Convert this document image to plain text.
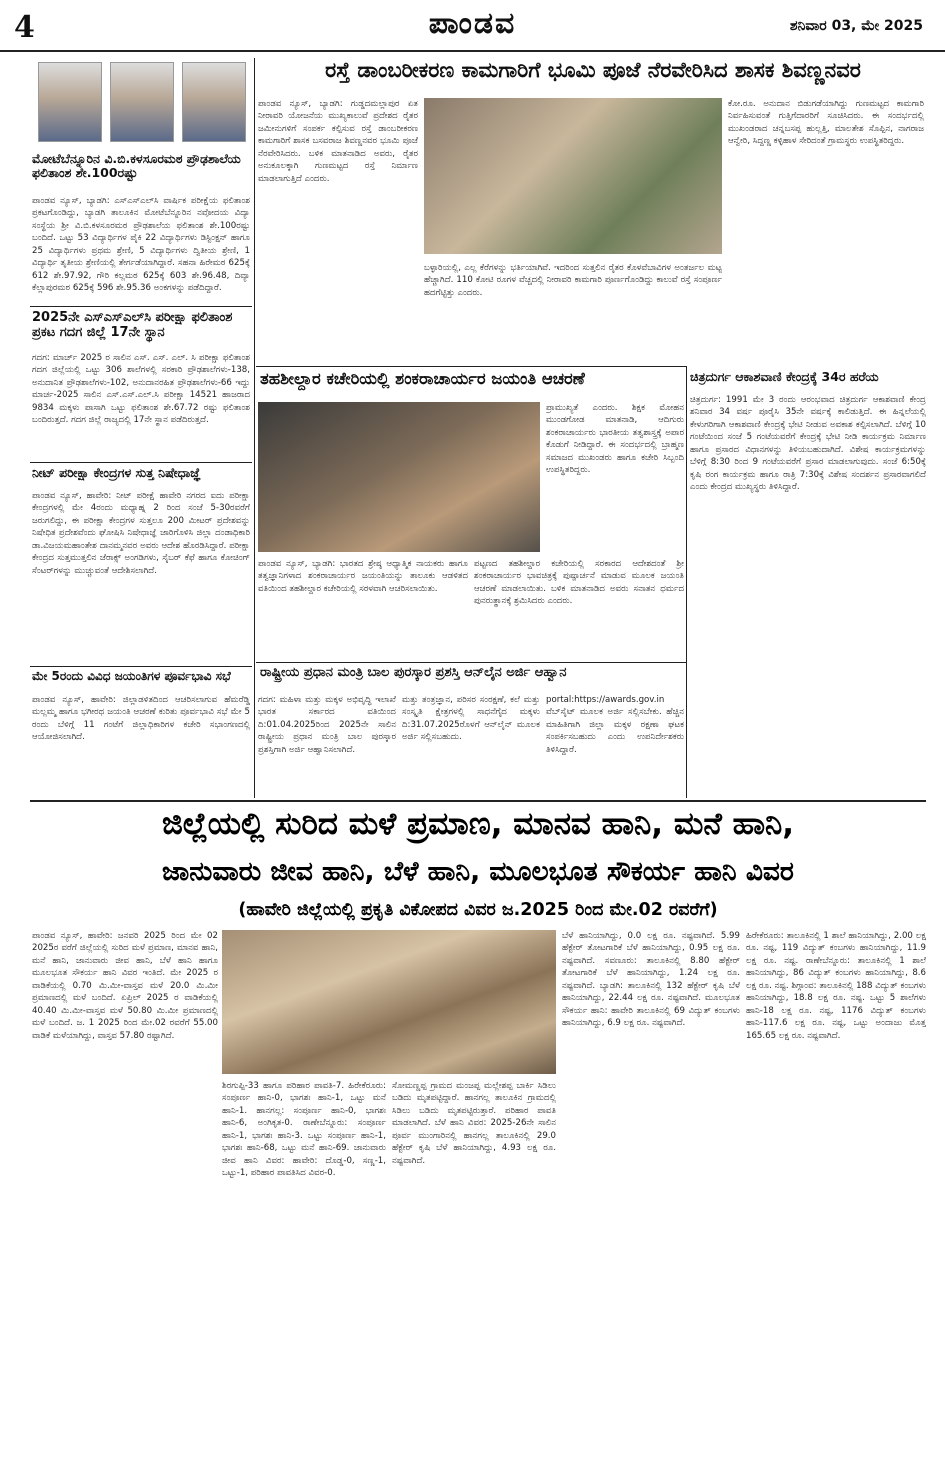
4	ಪಾಂಡವ	ಶನಿವಾರ 03, ಮೇ 2025
ಮೋಟೆಬೆನ್ನೂರಿನ ವಿ.ಬಿ.ಕಳಸೂರಮಠ ಪ್ರೌಢಶಾಲೆಯ ಫಲಿತಾಂಶ ಶೇ.100ರಷ್ಟು
ಪಾಂಡವ ನ್ಯೂಸ್, ಬ್ಯಾಡಗಿ: ಎಸ್ಎಸ್ಎಲ್‌ಸಿ ವಾರ್ಷಿಕ ಪರೀಕ್ಷೆಯ ಫಲಿತಾಂಶ ಪ್ರಕಟಗೊಂಡಿದ್ದು, ಬ್ಯಾಡಗಿ ತಾಲೂಕಿನ ಮೋಟೆಬೆನ್ನೂರಿನ ನವೋದಯ ವಿದ್ಯಾ ಸಂಸ್ಥೆಯ ಶ್ರೀ ವಿ.ಬಿ.ಕಳಸೂರಮಠ ಪ್ರೌಢಶಾಲೆಯ ಫಲಿತಾಂಶ ಶೇ.100ರಷ್ಟು ಬಂದಿದೆ. ಒಟ್ಟು 53 ವಿದ್ಯಾರ್ಥಿಗಳ ಪೈಕಿ 22 ವಿದ್ಯಾರ್ಥಿಗಳು ಡಿಸ್ಟಿಂಕ್ಷನ್ ಹಾಗೂ 25 ವಿದ್ಯಾರ್ಥಿಗಳು ಪ್ರಥಮ ಶ್ರೇಣಿ, 5 ವಿದ್ಯಾರ್ಥಿಗಳು ದ್ವಿತೀಯ ಶ್ರೇಣಿ, 1 ವಿದ್ಯಾರ್ಥಿ ತೃತೀಯ ಶ್ರೇಣಿಯಲ್ಲಿ ತೇರ್ಗಡೆಯಾಗಿದ್ದಾರೆ. ಸಹನಾ ಹಿರೇಮಠ 625ಕ್ಕೆ 612 ಶೇ.97.92, ಗೌರಿ ಕಲ್ಲಮಠ 625ಕ್ಕೆ 603 ಶೇ.96.48, ದಿವ್ಯಾ ಕೆಲ್ಲಾಪುರಮಠ 625ಕ್ಕೆ 596 ಶೇ.95.36 ಅಂಕಗಳನ್ನು ಪಡೆದಿದ್ದಾರೆ.
2025ನೇ ಎಸ್‌ಎಸ್‌ಎಲ್‌ಸಿ ಪರೀಕ್ಷಾ ಫಲಿತಾಂಶ ಪ್ರಕಟ ಗದಗ ಜಿಲ್ಲೆ 17ನೇ ಸ್ಥಾನ
ಗದಗ: ಮಾರ್ಚ್ 2025 ರ ಸಾಲಿನ ಎಸ್. ಎಸ್. ಎಲ್. ಸಿ ಪರೀಕ್ಷಾ ಫಲಿತಾಂಶ ಗದಗ ಜಿಲ್ಲೆಯಲ್ಲಿ ಒಟ್ಟು 306 ಶಾಲೆಗಳಲ್ಲಿ ಸರಕಾರಿ ಪ್ರೌಢಶಾಲೆಗಳು-138, ಅನುದಾನಿತ ಪ್ರೌಢಶಾಲೆಗಳು-102, ಅನುದಾನರಹಿತ ಪ್ರೌಢಶಾಲೆಗಳು-66 ಇದ್ದು ಮಾರ್ಚ-2025 ಸಾಲಿನ ಎಸ್.ಎಸ್.ಎಲ್.ಸಿ ಪರೀಕ್ಷಾ 14521 ಹಾಜರಾದ 9834 ಮಕ್ಕಳು ಪಾಸಾಗಿ ಒಟ್ಟು ಫಲಿತಾಂಶ ಶೇ.67.72 ರಷ್ಟು ಫಲಿತಾಂಶ ಬಂದಿರುತ್ತದೆ. ಗದಗ ಜಿಲ್ಲೆ ರಾಜ್ಯದಲ್ಲಿ 17ನೇ ಸ್ಥಾನ ಪಡೆದಿರುತ್ತದೆ.
ನೀಟ್ ಪರೀಕ್ಷಾ ಕೇಂದ್ರಗಳ ಸುತ್ತ ನಿಷೇಧಾಜ್ಞೆ
ಪಾಂಡವ ನ್ಯೂಸ್, ಹಾವೇರಿ: ನೀಟ್ ಪರೀಕ್ಷೆ ಹಾವೇರಿ ನಗರದ ಐದು ಪರೀಕ್ಷಾ ಕೇಂದ್ರಗಳಲ್ಲಿ ಮೇ 4ರಂದು ಮಧ್ಯಾಹ್ನ 2 ರಿಂದ ಸಂಜೆ 5-30ರವರೆಗೆ ಜರುಗಲಿದ್ದು, ಈ ಪರೀಕ್ಷಾ ಕೇಂದ್ರಗಳ ಸುತ್ತಲೂ 200 ಮೀಟರ್ ಪ್ರದೇಶವನ್ನು ನಿಷೇಧಿತ ಪ್ರದೇಶವೆಂದು ಘೋಷಿಸಿ ನಿಷೇಧಾಜ್ಞೆ ಜಾರಿಗೊಳಿಸಿ ಜಿಲ್ಲಾ ದಂಡಾಧಿಕಾರಿ ಡಾ.ವಿಜಯಮಹಾಂತೇಶ ದಾನಮ್ಮನವರ ಅವರು ಆದೇಶ ಹೊರಡಿಸಿದ್ದಾರೆ. ಪರೀಕ್ಷಾ ಕೇಂದ್ರದ ಸುತ್ತಮುತ್ತಲಿನ ಜೆರಾಕ್ಸ್ ಅಂಗಡಿಗಳು, ಸೈಬರ್ ಕೆಫೆ ಹಾಗೂ ಕೋಚಿಂಗ್ ಸೆಂಟರ್‌ಗಳನ್ನು ಮುಚ್ಚುವಂತೆ ಆದೇಶಿಸಲಾಗಿದೆ.
ಮೇ 5ರಂದು ವಿವಿಧ ಜಯಂತಿಗಳ ಪೂರ್ವಭಾವಿ ಸಭೆ
ಪಾಂಡವ ನ್ಯೂಸ್, ಹಾವೇರಿ: ಜಿಲ್ಲಾಡಳಿತದಿಂದ ಆಚರಿಸಲಾಗುವ ಹೆಮರೆಡ್ಡಿ ಮಲ್ಲಮ್ಮ ಹಾಗೂ ಭಗೀರಥ ಜಯಂತಿ ಆಚರಣೆ ಕುರಿತು ಪೂರ್ವಭಾವಿ ಸಭೆ ಮೇ 5 ರಂದು ಬೆಳಿಗ್ಗೆ 11 ಗಂಟೆಗೆ ಜಿಲ್ಲಾಧಿಕಾರಿಗಳ ಕಚೇರಿ ಸಭಾಂಗಣದಲ್ಲಿ ಆಯೋಜಿಸಲಾಗಿದೆ.
ರಸ್ತೆ ಡಾಂಬರೀಕರಣ ಕಾಮಗಾರಿಗೆ ಭೂಮಿ ಪೂಜೆ ನೆರವೇರಿಸಿದ ಶಾಸಕ ಶಿವಣ್ಣನವರ
ಪಾಂಡವ ನ್ಯೂಸ್, ಬ್ಯಾಡಗಿ: ಗುಡ್ಡದಮಲ್ಲಾಪುರ ಏತ ನೀರಾವರಿ ಯೋಜನೆಯ ಮುಖ್ಯಕಾಲುವೆ ಪ್ರದೇಶದ ರೈತರ ಜಮೀನುಗಳಿಗೆ ಸಂಪರ್ಕ ಕಲ್ಪಿಸುವ ರಸ್ತೆ ಡಾಂಬರೀಕರಣ ಕಾಮಗಾರಿಗೆ ಶಾಸಕ ಬಸವರಾಜ ಶಿವಣ್ಣನವರ ಭೂಮಿ ಪೂಜೆ ನೆರವೇರಿಸಿದರು. ಬಳಿಕ ಮಾತನಾಡಿದ ಅವರು, ರೈತರ ಅನುಕೂಲಕ್ಕಾಗಿ ಗುಣಮಟ್ಟದ ರಸ್ತೆ ನಿರ್ಮಾಣ ಮಾಡಲಾಗುತ್ತಿದೆ ಎಂದರು.
ಬಳ್ಳಾರಿಯಲ್ಲಿ, ಎಲ್ಲ ಕೆರೆಗಳನ್ನು ಭರ್ತಿಯಾಗಿವೆ. ಇದರಿಂದ ಸುತ್ತಲಿನ ರೈತರ ಕೊಳವೆಬಾವಿಗಳ ಅಂತರ್ಜಲ ಮಟ್ಟ ಹೆಚ್ಚಾಗಿದೆ. 110 ಕೋಟಿ ರೂಗಳ ವೆಚ್ಚದಲ್ಲಿ ನೀರಾವರಿ ಕಾಮಗಾರಿ ಪೂರ್ಣಗೊಂಡಿದ್ದು ಕಾಲುವೆ ರಸ್ತೆ ಸಂಪೂರ್ಣ ಹದಗೆಟ್ಟಿತ್ತು ಎಂದರು.
ಕೋ.ರೂ. ಅನುದಾನ ಬಿಡುಗಡೆಯಾಗಿದ್ದು ಗುಣಮಟ್ಟದ ಕಾಮಗಾರಿ ನಿರ್ವಹಿಸುವಂತೆ ಗುತ್ತಿಗೆದಾರರಿಗೆ ಸೂಚಿಸಿದರು. ಈ ಸಂದರ್ಭದಲ್ಲಿ ಮುಖಂಡರಾದ ಚನ್ನಬಸಪ್ಪ ಹುಲ್ಲತ್ತಿ, ಮಾಲತೇಶ ಸೊಪ್ಪಿನ, ನಾಗರಾಜ ಆನ್ವೇರಿ, ಸಿದ್ದಣ್ಣ ಕಳ್ಳಿಹಾಳ ಸೇರಿದಂತೆ ಗ್ರಾಮಸ್ಥರು ಉಪಸ್ಥಿತರಿದ್ದರು.
ತಹಶೀಲ್ದಾರ ಕಚೇರಿಯಲ್ಲಿ ಶಂಕರಾಚಾರ್ಯರ ಜಯಂತಿ ಆಚರಣೆ
ಪ್ರಾಮುಖ್ಯತೆ ಎಂದರು. ಶಿಕ್ಷಕ ಮೋಹನ ಮುಂಡಗೋಡ ಮಾತನಾಡಿ, ಆದಿಗುರು ಶಂಕರಾಚಾರ್ಯರು ಭಾರತೀಯ ತತ್ವಶಾಸ್ತ್ರಕ್ಕೆ ಅಪಾರ ಕೊಡುಗೆ ನೀಡಿದ್ದಾರೆ. ಈ ಸಂದರ್ಭದಲ್ಲಿ ಬ್ರಾಹ್ಮಣ ಸಮಾಜದ ಮುಖಂಡರು ಹಾಗೂ ಕಚೇರಿ ಸಿಬ್ಬಂದಿ ಉಪಸ್ಥಿತರಿದ್ದರು.
ಪಾಂಡವ ನ್ಯೂಸ್, ಬ್ಯಾಡಗಿ: ಭಾರತದ ಶ್ರೇಷ್ಠ ಆಧ್ಯಾತ್ಮಿಕ ನಾಯಕರು ಹಾಗೂ ತತ್ವಜ್ಞಾನಿಗಳಾದ ಶಂಕರಾಚಾರ್ಯರ ಜಯಂತಿಯನ್ನು ತಾಲೂಕು ಆಡಳಿತದ ವತಿಯಿಂದ ತಹಶೀಲ್ದಾರ ಕಚೇರಿಯಲ್ಲಿ ಸರಳವಾಗಿ ಆಚರಿಸಲಾಯಿತು.
ಪಟ್ಟಣದ ತಹಶೀಲ್ದಾರ ಕಚೇರಿಯಲ್ಲಿ ಸರಕಾರದ ಆದೇಶದಂತೆ ಶ್ರೀ ಶಂಕರಾಚಾರ್ಯರ ಭಾವಚಿತ್ರಕ್ಕೆ ಪುಷ್ಪಾರ್ಚನೆ ಮಾಡುವ ಮೂಲಕ ಜಯಂತಿ ಆಚರಣೆ ಮಾಡಲಾಯಿತು. ಬಳಿಕ ಮಾತನಾಡಿದ ಅವರು ಸನಾತನ ಧರ್ಮದ ಪುನರುತ್ಥಾನಕ್ಕೆ ಶ್ರಮಿಸಿದರು ಎಂದರು.
ಚಿತ್ರದುರ್ಗ ಆಕಾಶವಾಣಿ ಕೇಂದ್ರಕ್ಕೆ 34ರ ಹರೆಯ
ಚಿತ್ರದುರ್ಗ: 1991 ಮೇ 3 ರಂದು ಆರಂಭವಾದ ಚಿತ್ರದುರ್ಗ ಆಕಾಶವಾಣಿ ಕೇಂದ್ರ ಶನಿವಾರ 34 ವರ್ಷ ಪೂರೈಸಿ 35ನೇ ವರ್ಷಕ್ಕೆ ಕಾಲಿಡುತ್ತಿದೆ. ಈ ಹಿನ್ನಲೆಯಲ್ಲಿ ಕೇಳುಗರಿಗಾಗಿ ಆಕಾಶವಾಣಿ ಕೇಂದ್ರಕ್ಕೆ ಭೇಟಿ ನೀಡುವ ಅವಕಾಶ ಕಲ್ಪಿಸಲಾಗಿದೆ. ಬೆಳಿಗ್ಗೆ 10 ಗಂಟೆಯಿಂದ ಸಂಜೆ 5 ಗಂಟೆಯವರೆಗೆ ಕೇಂದ್ರಕ್ಕೆ ಭೇಟಿ ನೀಡಿ ಕಾರ್ಯಕ್ರಮ ನಿರ್ಮಾಣ ಹಾಗೂ ಪ್ರಸಾರದ ವಿಧಾನಗಳನ್ನು ತಿಳಿಯಬಹುದಾಗಿದೆ. ವಿಶೇಷ ಕಾರ್ಯಕ್ರಮಗಳನ್ನು ಬೆಳಿಗ್ಗೆ 8:30 ರಿಂದ 9 ಗಂಟೆಯವರೆಗೆ ಪ್ರಸಾರ ಮಾಡಲಾಗುವುದು. ಸಂಜೆ 6:50ಕ್ಕೆ ಕೃಷಿ ರಂಗ ಕಾರ್ಯಕ್ರಮ ಹಾಗೂ ರಾತ್ರಿ 7:30ಕ್ಕೆ ವಿಶೇಷ ಸಂದರ್ಶನ ಪ್ರಸಾರವಾಗಲಿದೆ ಎಂದು ಕೇಂದ್ರದ ಮುಖ್ಯಸ್ಥರು ತಿಳಿಸಿದ್ದಾರೆ.
ರಾಷ್ಟ್ರೀಯ ಪ್ರಧಾನ ಮಂತ್ರಿ ಬಾಲ ಪುರಸ್ಕಾರ ಪ್ರಶಸ್ತಿ ಆನ್‌ಲೈನ ಅರ್ಜಿ ಆಹ್ವಾನ
ಗದಗ: ಮಹಿಳಾ ಮತ್ತು ಮಕ್ಕಳ ಅಭಿವೃದ್ಧಿ ಇಲಾಖೆ ಭಾರತ ಸರ್ಕಾರದ ವತಿಯಿಂದ ದಿ:01.04.2025ರಿಂದ 2025ನೇ ಸಾಲಿನ ರಾಷ್ಟ್ರೀಯ ಪ್ರಧಾನ ಮಂತ್ರಿ ಬಾಲ ಪುರಸ್ಕಾರ ಪ್ರಶಸ್ತಿಗಾಗಿ ಅರ್ಜಿ ಆಹ್ವಾನಿಸಲಾಗಿದೆ.
ಮತ್ತು ತಂತ್ರಜ್ಞಾನ, ಪರಿಸರ ಸಂರಕ್ಷಣೆ, ಕಲೆ ಮತ್ತು ಸಂಸ್ಕೃತಿ ಕ್ಷೇತ್ರಗಳಲ್ಲಿ ಸಾಧನೆಗೈದ ಮಕ್ಕಳು ದಿ:31.07.2025ರೊಳಗೆ ಆನ್‌ಲೈನ್ ಮೂಲಕ ಅರ್ಜಿ ಸಲ್ಲಿಸಬಹುದು.
portal:https://awards.gov.in ವೆಬ್‌ಸೈಟ್ ಮೂಲಕ ಅರ್ಜಿ ಸಲ್ಲಿಸಬೇಕು. ಹೆಚ್ಚಿನ ಮಾಹಿತಿಗಾಗಿ ಜಿಲ್ಲಾ ಮಕ್ಕಳ ರಕ್ಷಣಾ ಘಟಕ ಸಂಪರ್ಕಿಸಬಹುದು ಎಂದು ಉಪನಿರ್ದೇಶಕರು ತಿಳಿಸಿದ್ದಾರೆ.
ಜಿಲ್ಲೆಯಲ್ಲಿ ಸುರಿದ ಮಳೆ ಪ್ರಮಾಣ, ಮಾನವ ಹಾನಿ, ಮನೆ ಹಾನಿ,
ಜಾನುವಾರು ಜೀವ ಹಾನಿ, ಬೆಳೆ ಹಾನಿ, ಮೂಲಭೂತ ಸೌಕರ್ಯ ಹಾನಿ ವಿವರ
(ಹಾವೇರಿ ಜಿಲ್ಲೆಯಲ್ಲಿ ಪ್ರಕೃತಿ ವಿಕೋಪದ ವಿವರ ಜ.2025 ರಿಂದ ಮೇ.02 ರವರೆಗೆ)
ಪಾಂಡವ ನ್ಯೂಸ್, ಹಾವೇರಿ: ಜನವರಿ 2025 ರಿಂದ ಮೇ 02 2025ರ ವರೆಗೆ ಜಿಲ್ಲೆಯಲ್ಲಿ ಸುರಿದ ಮಳೆ ಪ್ರಮಾಣ, ಮಾನವ ಹಾನಿ, ಮನೆ ಹಾನಿ, ಜಾನುವಾರು ಜೀವ ಹಾನಿ, ಬೆಳೆ ಹಾನಿ ಹಾಗೂ ಮೂಲಭೂತ ಸೌಕರ್ಯ ಹಾನಿ ವಿವರ ಇಂತಿದೆ. ಮೇ 2025 ರ ವಾಡಿಕೆಯಲ್ಲಿ 0.70 ಮಿ.ಮೀ-ವಾಸ್ತವ ಮಳೆ 20.0 ಮಿ.ಮೀ ಪ್ರಮಾಣದಲ್ಲಿ ಮಳೆ ಬಂದಿದೆ. ಏಪ್ರಿಲ್ 2025 ರ ವಾಡಿಕೆಯಲ್ಲಿ 40.40 ಮಿ.ಮೀ-ವಾಸ್ತವ ಮಳೆ 50.80 ಮಿ.ಮೀ ಪ್ರಮಾಣದಲ್ಲಿ ಮಳೆ ಬಂದಿದೆ. ಜ. 1 2025 ರಿಂದ ಮೇ.02 ರವರೆಗೆ 55.00 ವಾಡಿಕೆ ಮಳೆಯಾಗಿದ್ದು, ವಾಸ್ತವ 57.80 ರಷ್ಟಾಗಿದೆ.
ಶಿರಗುಪ್ಪಿ-33 ಹಾಗೂ ಪರಿಹಾರ ಪಾವತಿ-7. ಹಿರೇಕೆರೂರು: ಸಂಪೂರ್ಣ ಹಾನಿ-0, ಭಾಗಶಃ ಹಾನಿ-1, ಒಟ್ಟು ಮನೆ ಹಾನಿ-1. ಹಾನಗಲ್ಲ: ಸಂಪೂರ್ಣ ಹಾನಿ-0, ಭಾಗಶಃ ಹಾನಿ-6, ಅಂಗಿಕೃತ-0. ರಾಣೇಬೆನ್ನೂರು: ಸಂಪೂರ್ಣ ಹಾನಿ-1, ಭಾಗಶಃ ಹಾನಿ-3. ಒಟ್ಟು ಸಂಪೂರ್ಣ ಹಾನಿ-1, ಭಾಗಶಃ ಹಾನಿ-68, ಒಟ್ಟು ಮನೆ ಹಾನಿ-69. ಜಾನುವಾರು ಜೀವ ಹಾನಿ ವಿವರ: ಹಾವೇರಿ: ದೊಡ್ಡ-0, ಸಣ್ಣ-1, ಒಟ್ಟು-1, ಪರಿಹಾರ ಪಾವತಿಸಿದ ವಿವರ-0.
ಸೋಮಣ್ಣಪ್ಪ ಗ್ರಾಮದ ಮಂಜಪ್ಪ ಮಲ್ಲೇಶಪ್ಪ ಬಾರ್ಕಿ ಸಿಡಿಲು ಬಡಿದು ಮೃತಪಟ್ಟಿದ್ದಾರೆ. ಹಾನಗಲ್ಲ ತಾಲೂಕಿನ ಗ್ರಾಮದಲ್ಲಿ ಸಿಡಿಲು ಬಡಿದು ಮೃತಪಟ್ಟಿರುತ್ತಾರೆ. ಪರಿಹಾರ ಪಾವತಿ ಮಾಡಲಾಗಿದೆ. ಬೆಳೆ ಹಾನಿ ವಿವರ: 2025-26ನೇ ಸಾಲಿನ ಪೂರ್ವ ಮುಂಗಾರಿನಲ್ಲಿ ಹಾನಗಲ್ಲ ತಾಲೂಕಿನಲ್ಲಿ 29.0 ಹೆಕ್ಟೇರ್ ಕೃಷಿ ಬೆಳೆ ಹಾನಿಯಾಗಿದ್ದು, 4.93 ಲಕ್ಷ ರೂ. ನಷ್ಟವಾಗಿದೆ.
ಬೆಳೆ ಹಾನಿಯಾಗಿದ್ದು, 0.0 ಲಕ್ಷ ರೂ. ನಷ್ಟವಾಗಿದೆ. 5.99 ಹೆಕ್ಟೇರ್ ತೋಟಗಾರಿಕೆ ಬೆಳೆ ಹಾನಿಯಾಗಿದ್ದು, 0.95 ಲಕ್ಷ ರೂ. ನಷ್ಟವಾಗಿದೆ. ಸವಣೂರು: ತಾಲೂಕಿನಲ್ಲಿ 8.80 ಹೆಕ್ಟೇರ್ ತೋಟಗಾರಿಕೆ ಬೆಳೆ ಹಾನಿಯಾಗಿದ್ದು, 1.24 ಲಕ್ಷ ರೂ. ನಷ್ಟವಾಗಿದೆ. ಬ್ಯಾಡಗಿ: ತಾಲೂಕಿನಲ್ಲಿ 132 ಹೆಕ್ಟೇರ್ ಕೃಷಿ ಬೆಳೆ ಹಾನಿಯಾಗಿದ್ದು, 22.44 ಲಕ್ಷ ರೂ. ನಷ್ಟವಾಗಿದೆ. ಮೂಲಭೂತ ಸೌಕರ್ಯ ಹಾನಿ: ಹಾವೇರಿ ತಾಲೂಕಿನಲ್ಲಿ 69 ವಿದ್ಯುತ್ ಕಂಬಗಳು ಹಾನಿಯಾಗಿದ್ದು, 6.9 ಲಕ್ಷ ರೂ. ನಷ್ಟವಾಗಿದೆ.
ಹಿರೇಕೆರೂರು: ತಾಲೂಕಿನಲ್ಲಿ 1 ಶಾಲೆ ಹಾನಿಯಾಗಿದ್ದು, 2.00 ಲಕ್ಷ ರೂ. ನಷ್ಟ, 119 ವಿದ್ಯುತ್ ಕಂಬಗಳು ಹಾನಿಯಾಗಿದ್ದು, 11.9 ಲಕ್ಷ ರೂ. ನಷ್ಟ. ರಾಣೇಬೆನ್ನೂರು: ತಾಲೂಕಿನಲ್ಲಿ 1 ಶಾಲೆ ಹಾನಿಯಾಗಿದ್ದು, 86 ವಿದ್ಯುತ್ ಕಂಬಗಳು ಹಾನಿಯಾಗಿದ್ದು, 8.6 ಲಕ್ಷ ರೂ. ನಷ್ಟ. ಶಿಗ್ಗಾಂವ: ತಾಲೂಕಿನಲ್ಲಿ 188 ವಿದ್ಯುತ್ ಕಂಬಗಳು ಹಾನಿಯಾಗಿದ್ದು, 18.8 ಲಕ್ಷ ರೂ. ನಷ್ಟ. ಒಟ್ಟು 5 ಶಾಲೆಗಳು ಹಾನಿ-18 ಲಕ್ಷ ರೂ. ನಷ್ಟ, 1176 ವಿದ್ಯುತ್ ಕಂಬಗಳು ಹಾನಿ-117.6 ಲಕ್ಷ ರೂ. ನಷ್ಟ, ಒಟ್ಟು ಅಂದಾಜು ಮೊತ್ತ 165.65 ಲಕ್ಷ ರೂ. ನಷ್ಟವಾಗಿದೆ.
